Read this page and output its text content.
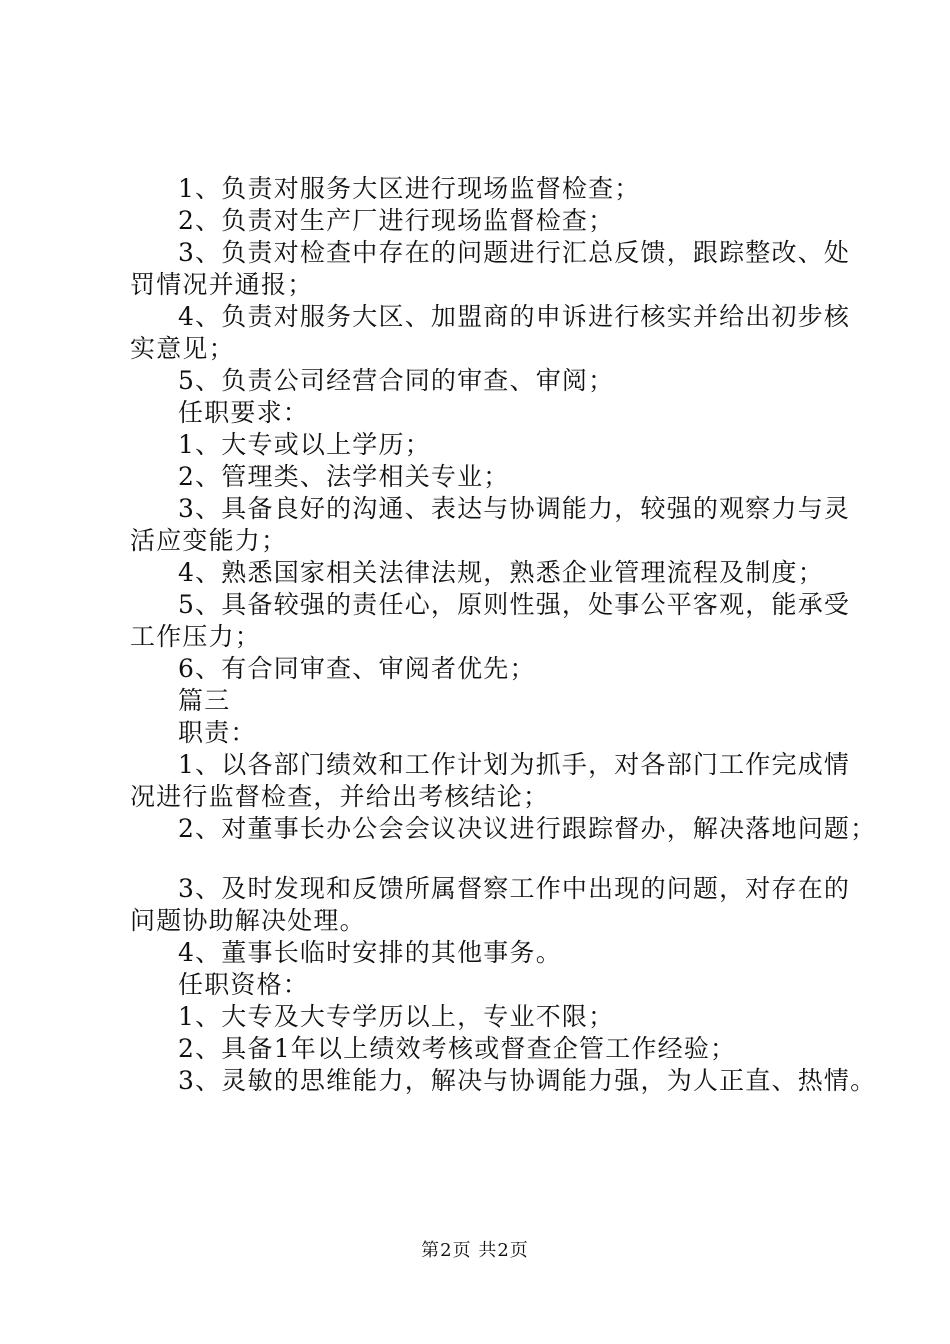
1、负责对服务大区进行现场监督检查；
2、负责对生产厂进行现场监督检查；
3、负责对检查中存在的问题进行汇总反馈，跟踪整改、处
罚情况并通报；
4、负责对服务大区、加盟商的申诉进行核实并给出初步核
实意见；
5、负责公司经营合同的审查、审阅；
任职要求：
1、大专或以上学历；
2、管理类、法学相关专业；
3、具备良好的沟通、表达与协调能力，较强的观察力与灵
活应变能力；
4、熟悉国家相关法律法规，熟悉企业管理流程及制度；
5、具备较强的责任心，原则性强，处事公平客观，能承受
工作压力；
6、有合同审查、审阅者优先；
篇三
职责：
1、以各部门绩效和工作计划为抓手，对各部门工作完成情
况进行监督检查，并给出考核结论；
2、对董事长办公会会议决议进行跟踪督办，解决落地问题；
3、及时发现和反馈所属督察工作中出现的问题，对存在的
问题协助解决处理。
4、董事长临时安排的其他事务。
任职资格：
1、大专及大专学历以上，专业不限；
2、具备1年以上绩效考核或督查企管工作经验；
3、灵敏的思维能力，解决与协调能力强，为人正直、热情。
第2页 共2页
